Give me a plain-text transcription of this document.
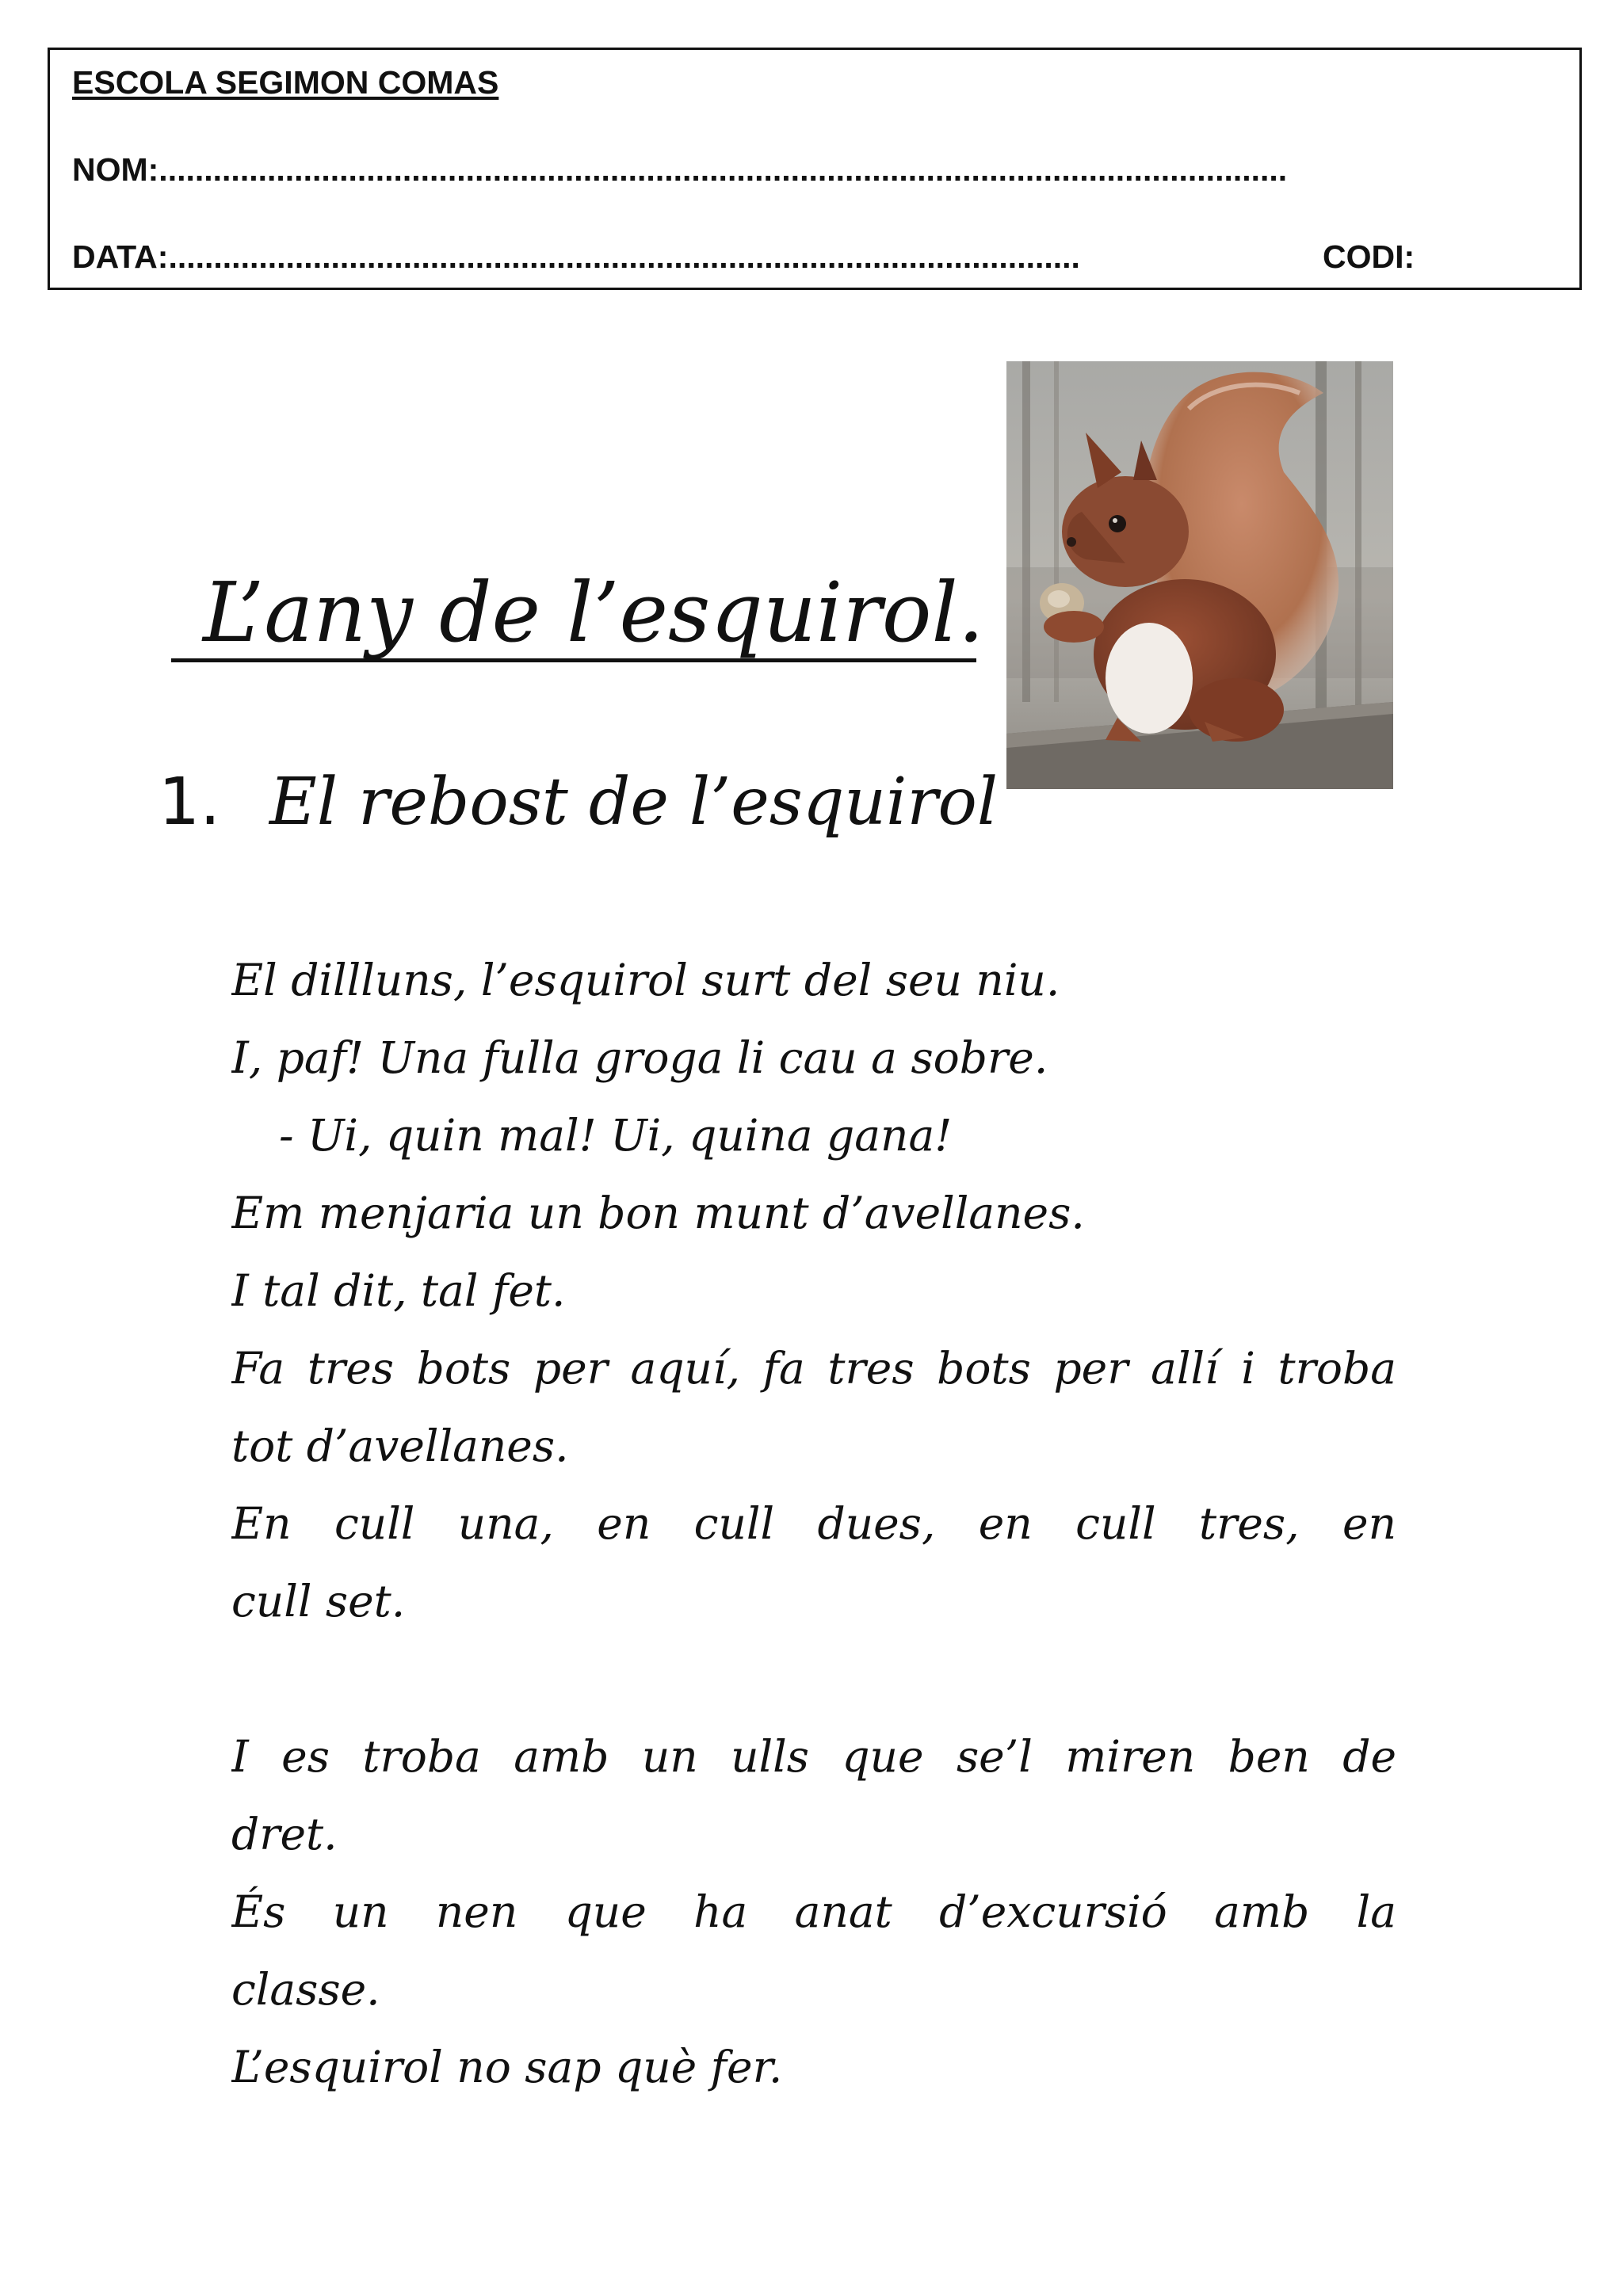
ESCOLA SEGIMON COMAS
NOM:.............................................................................................................................
DATA:.....................................................................................................	CODI:
L’any de l’esquirol.
1. El rebost de l’esquirol
El dillluns, l’esquirol surt del seu niu.
I, paf! Una fulla groga li cau a sobre.
- Ui, quin mal! Ui, quina gana!
Em menjaria un bon munt d’avellanes.
I tal dit, tal fet.
Fa tres bots per aquí, fa tres bots per allí i troba
tot d’avellanes.
En cull una, en cull dues, en cull tres, en
cull set.
I es troba amb un ulls que se’l miren ben de
dret.
És un nen que ha anat d’excursió amb la
classe.
L’esquirol no sap què fer.
